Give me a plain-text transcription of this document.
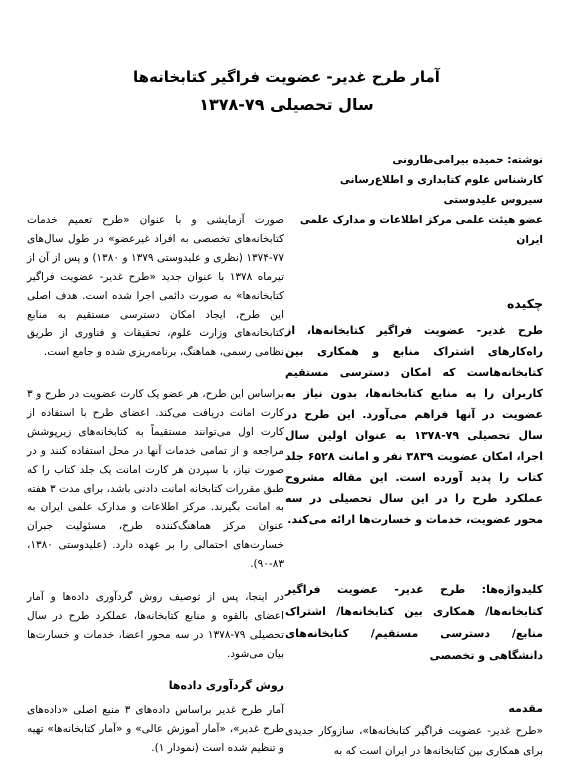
آمار طرح غدیر- عضویت فراگیر کتابخانه‌ها
سال تحصیلی ۷۹-۱۳۷۸
نوشته: حمیده بیرامی‌طارونی
کارشناس علوم کتابداری و اطلاع‌رسانی
سیروس علیدوستی
عضو هیئت علمی مرکز اطلاعات و مدارک علمی ایران
چکیده

طرح غدیر- عضویت فراگیر کتابخانه‌ها، از راه‌کارهای اشتراک منابع و همکاری بین کتابخانه‌هاست که امکان دسترسی مستقیم کاربران را به منابع کتابخانه‌ها، بدون نیاز به عضویت در آنها فراهم می‌آورد. این طرح در سال تحصیلی ۷۹-۱۳۷۸ به عنوان اولین سال اجرا، امکان عضویت ۳۸۳۹ نفر و امانت ۶۵۲۸ جلد کتاب را پدید آورده است. این مقاله مشروح عملکرد طرح را در این سال تحصیلی در سه محور عضویت، خدمات و خسارت‌ها ارائه می‌کند.

کلیدواژه‌ها: طرح غدیر- عضویت فراگیر کتابخانه‌ها/ همکاری بین کتابخانه‌ها/ اشتراک منابع/ دسترسی مستقیم/ کتابخانه‌های دانشگاهی و تخصصی

مقدمه

«طرح غدیر- عضویت فراگیر کتابخانه‌ها»، سازوکار جدیدی برای همکاری بین کتابخانه‌ها در ایران است که به

صورت آزمایشی و با عنوان «طرح تعمیم خدمات کتابخانه‌های تخصصی به افراد غیرعضو» در طول سال‌های ۷۷-۱۳۷۴ (نظری و علیدوستی ۱۳۷۹ و ۱۳۸۰) و پس از آن از تیرماه ۱۳۷۸ با عنوان جدید «طرح غدیر- عضویت فراگیر کتابخانه‌ها» به صورت دائمی اجرا شده است. هدف اصلی این طرح، ایجاد امکان دسترسی مستقیم به منابع کتابخانه‌های وزارت علوم، تحقیقات و فناوری از طریق نظامی رسمی، هماهنگ، برنامه‌ریزی شده و جامع است.

براساس این طرح، هر عضو یک کارت عضویت در طرح و ۳ کارت امانت دریافت می‌کند. اعضای طرح با استفاده از کارت اول می‌توانند مستقیماً به کتابخانه‌های زیرپوشش مراجعه و از تمامی خدمات آنها در محل استفاده کنند و در صورت نیاز، با سپردن هر کارت امانت یک جلد کتاب را که طبق مقررات کتابخانه امانت دادنی باشد، برای مدت ۳ هفته به امانت بگیرند. مرکز اطلاعات و مدارک علمی ایران به عنوان مرکز هماهنگ‌کننده طرح، مسئولیت جبران خسارت‌های احتمالی را بر عهده دارد. (علیدوستی ۱۳۸۰، ۸۳-۹۰).

در اینجا، پس از توصیف روش گردآوری داده‌ها و آمار اعضای بالقوه و منابع کتابخانه‌ها، عملکرد طرح در سال تحصیلی ۷۹-۱۳۷۸ در سه محور اعضا، خدمات و خسارت‌ها بیان می‌شود.

روش گردآوری داده‌ها

آمار طرح غدیر براساس داده‌های ۳ منبع اصلی «داده‌های طرح غدیر»، «آمار آموزش عالی» و «آمار کتابخانه‌ها» تهیه و تنظیم شده است (نمودار ۱).
